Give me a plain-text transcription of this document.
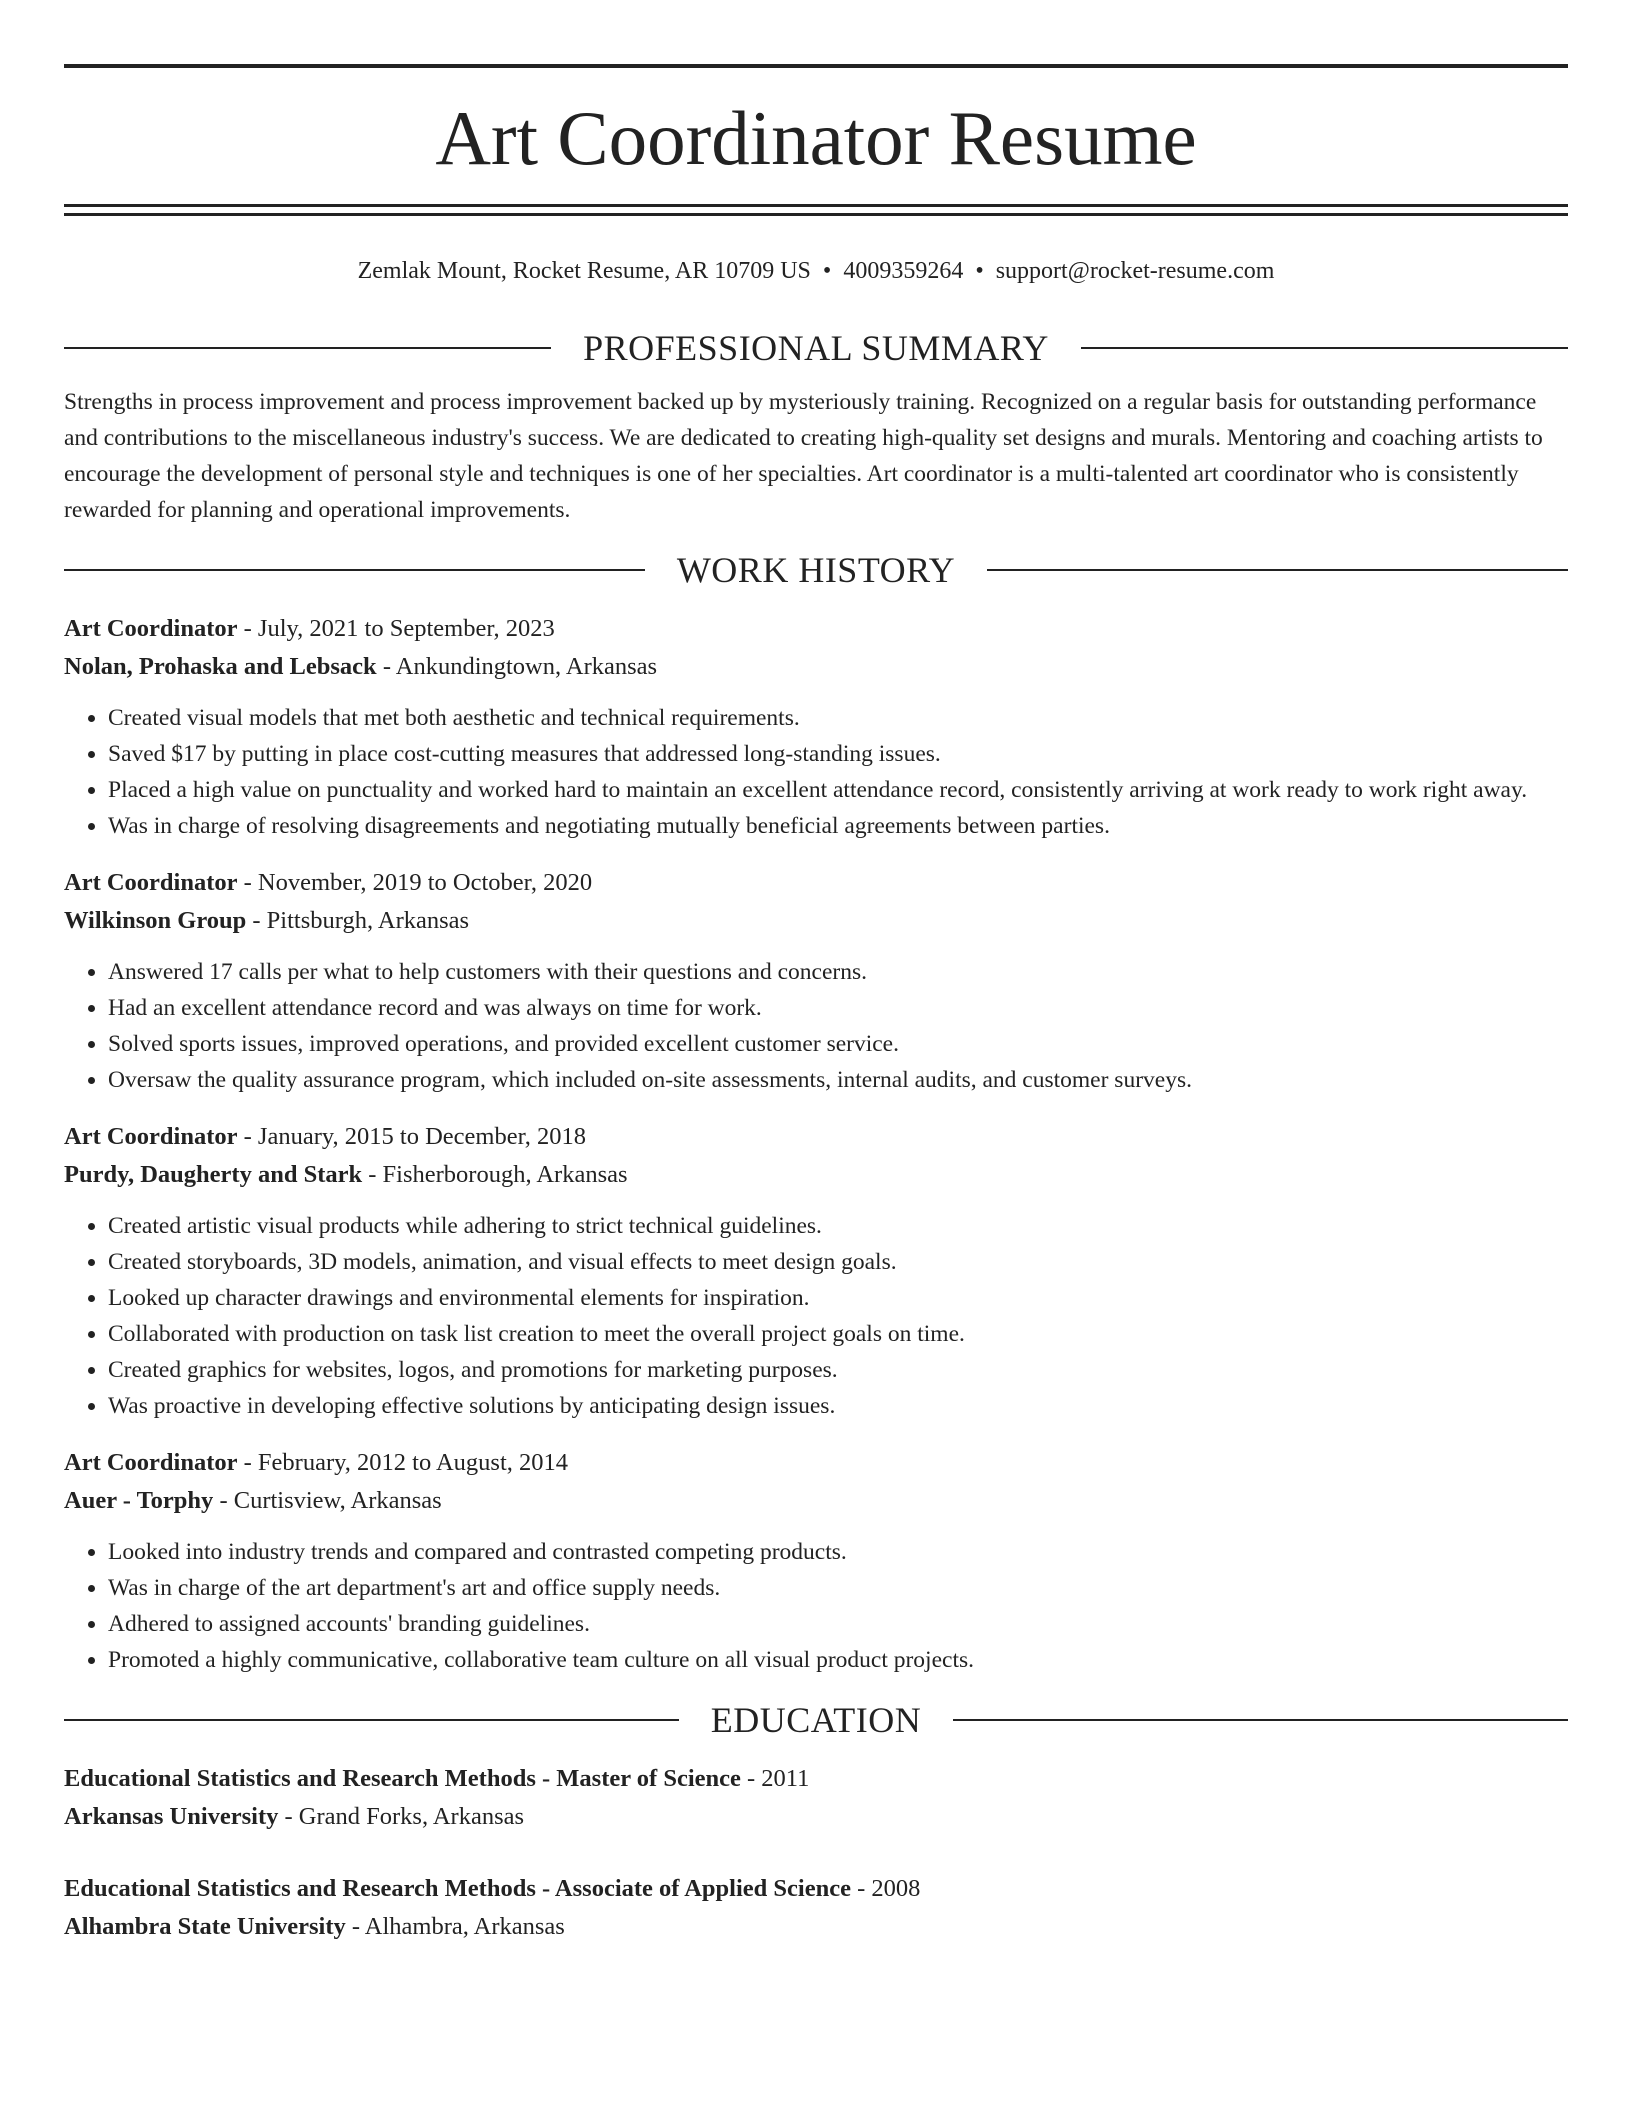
Art Coordinator Resume
Zemlak Mount, Rocket Resume, AR 10709 US • 4009359264 • support@rocket-resume.com
PROFESSIONAL SUMMARY

Strengths in process improvement and process improvement backed up by mysteriously training. Recognized on a regular basis for outstanding performance and contributions to the miscellaneous industry's success. We are dedicated to creating high-quality set designs and murals. Mentoring and coaching artists to encourage the development of personal style and techniques is one of her specialties. Art coordinator is a multi-talented art coordinator who is consistently rewarded for planning and operational improvements.

WORK HISTORY
Art Coordinator - July, 2021 to September, 2023
Nolan, Prohaska and Lebsack - Ankundingtown, Arkansas
• Created visual models that met both aesthetic and technical requirements.
• Saved $17 by putting in place cost-cutting measures that addressed long-standing issues.
• Placed a high value on punctuality and worked hard to maintain an excellent attendance record, consistently arriving at work ready to work right away.
• Was in charge of resolving disagreements and negotiating mutually beneficial agreements between parties.
Art Coordinator - November, 2019 to October, 2020
Wilkinson Group - Pittsburgh, Arkansas
• Answered 17 calls per what to help customers with their questions and concerns.
• Had an excellent attendance record and was always on time for work.
• Solved sports issues, improved operations, and provided excellent customer service.
• Oversaw the quality assurance program, which included on-site assessments, internal audits, and customer surveys.
Art Coordinator - January, 2015 to December, 2018
Purdy, Daugherty and Stark - Fisherborough, Arkansas
• Created artistic visual products while adhering to strict technical guidelines.
• Created storyboards, 3D models, animation, and visual effects to meet design goals.
• Looked up character drawings and environmental elements for inspiration.
• Collaborated with production on task list creation to meet the overall project goals on time.
• Created graphics for websites, logos, and promotions for marketing purposes.
• Was proactive in developing effective solutions by anticipating design issues.
Art Coordinator - February, 2012 to August, 2014
Auer - Torphy - Curtisview, Arkansas
• Looked into industry trends and compared and contrasted competing products.
• Was in charge of the art department's art and office supply needs.
• Adhered to assigned accounts' branding guidelines.
• Promoted a highly communicative, collaborative team culture on all visual product projects.
EDUCATION
Educational Statistics and Research Methods - Master of Science - 2011
Arkansas University - Grand Forks, Arkansas
Educational Statistics and Research Methods - Associate of Applied Science - 2008
Alhambra State University - Alhambra, Arkansas
